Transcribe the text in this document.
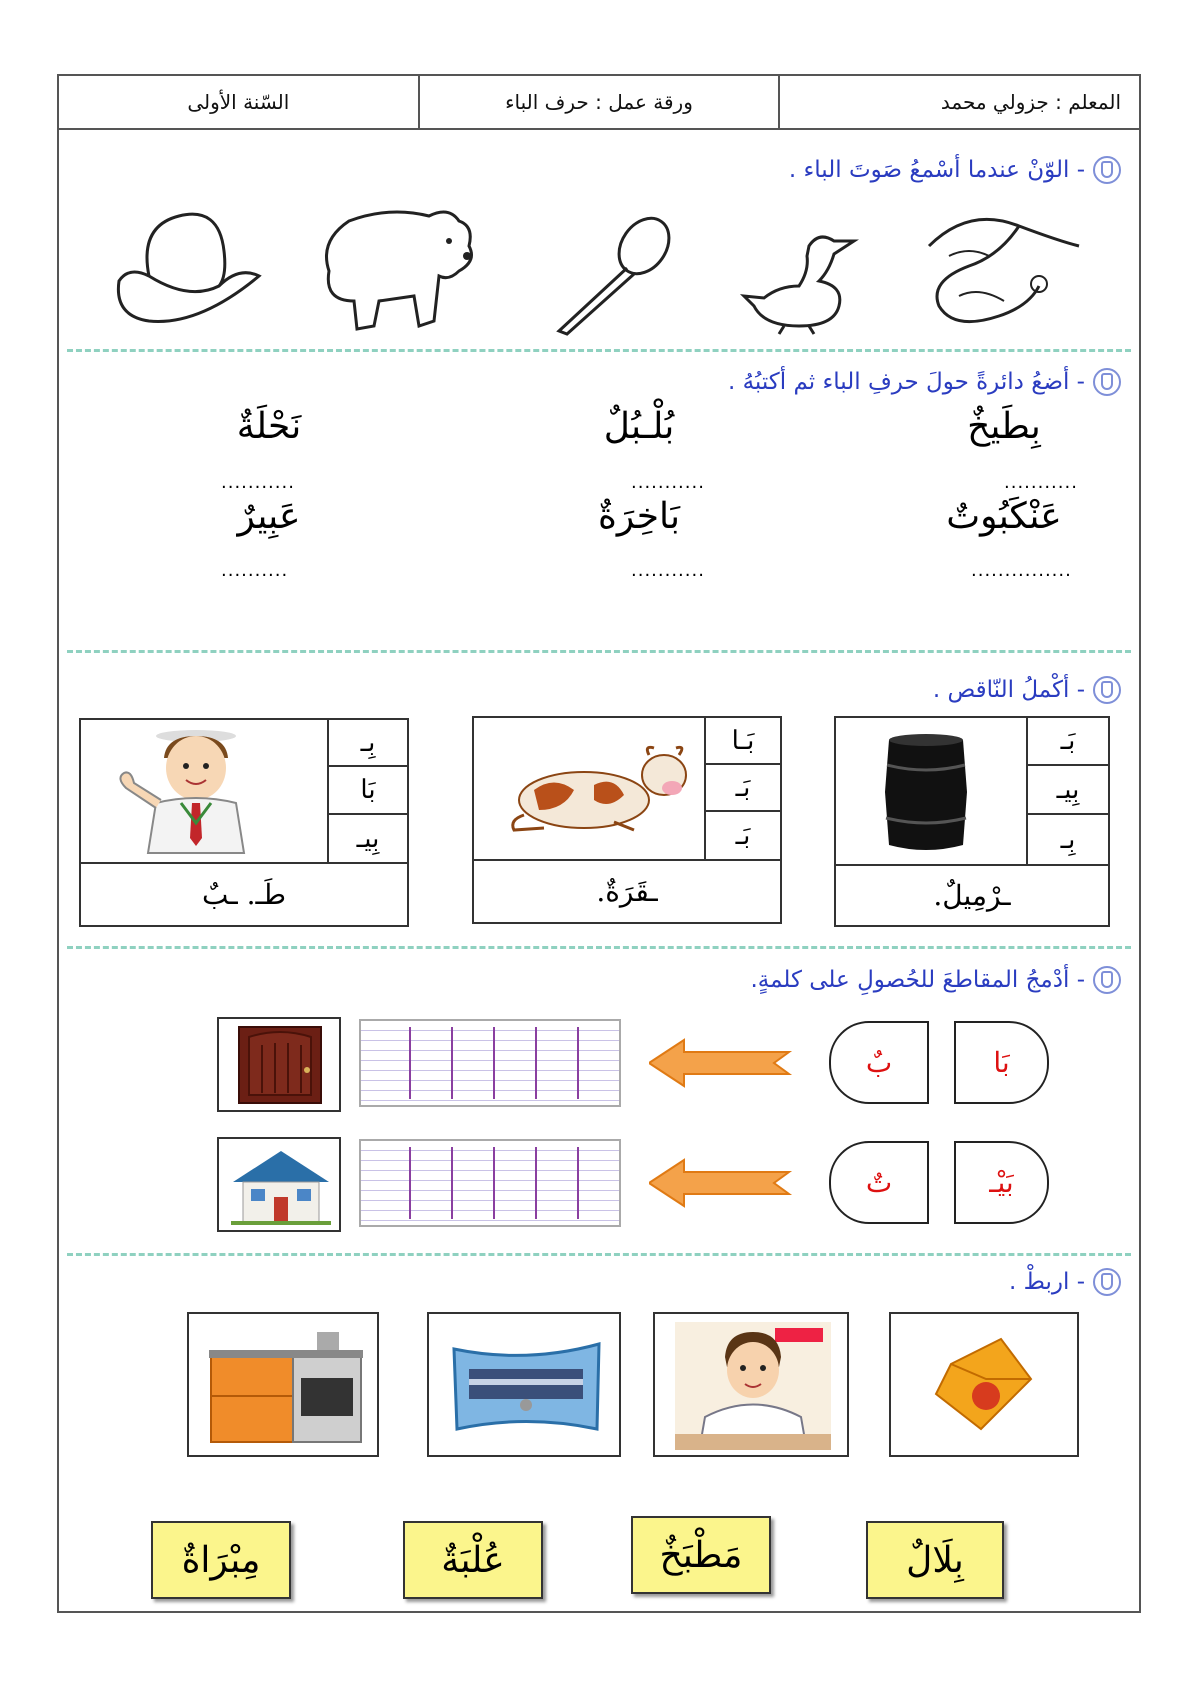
المعلم : جزولي محمد
ورقة عمل : حرف الباء
السّنة الأولى
- الوّنْ عندما أسْمعُ صَوتَ الباء .
- أضعُ دائرةً حولَ حرفِ الباء ثم أكتبُهُ .
بِطَيخٌ
بُلْـبُلٌ
نَحْلَةٌ
...........
...........
...........
عَنْكَبُوتٌ
بَاخِرَةٌ
عَبِيرٌ
...............
...........
..........
- أكْملُ النّاقص .
بَـ
بِيـ
بِـ
ـرْمِيلٌ.
بَـا
بَـ
بَـ
ـقَرَةٌ.
بِـ
بَا
بِيـ
طَـ. ـبٌ
- أدْمجُ المقاطعَ للحُصولِ على كلمةٍ.
بَا
بٌ
بَيْـ
تٌ
- اربطْ .
بِلَالٌ
مَطْبَخٌ
عُلْبَةٌ
مِبْرَاةٌ
